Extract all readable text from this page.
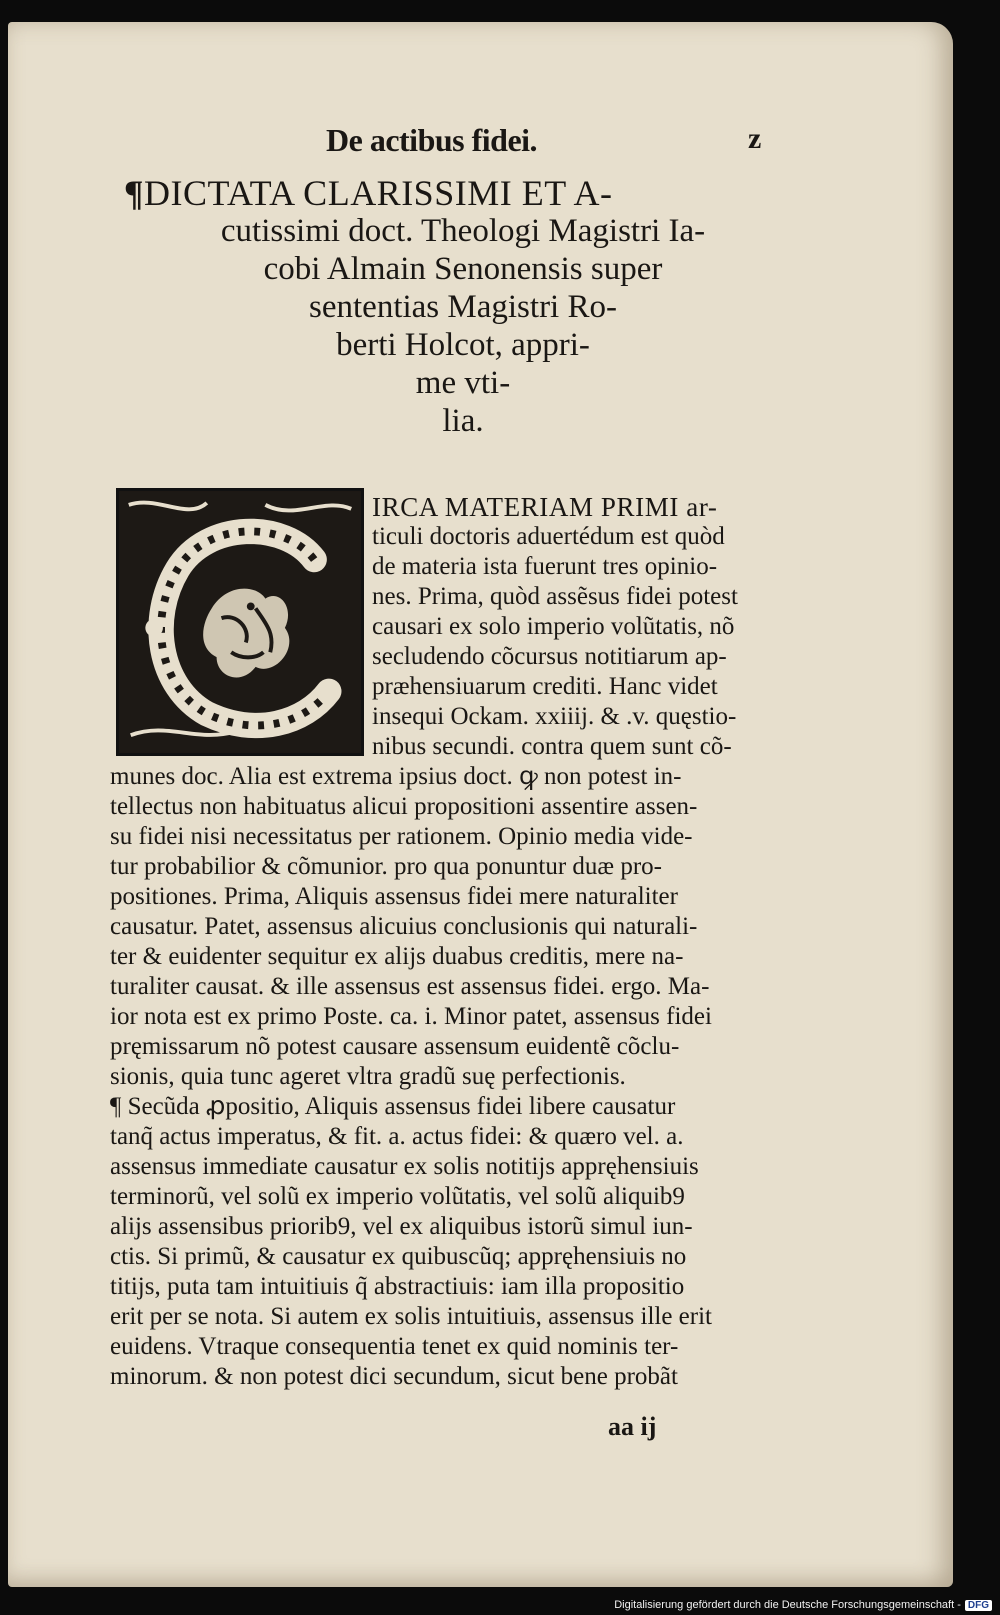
De actibus fidei.	z
¶DICTATA CLARISSIMI ET A-
cutissimi doct. Theologi Magistri Ia-
cobi Almain Senonensis super
sententias Magistri Ro-
berti Holcot, appri-
me vti-
lia.
IRCA MATERIAM PRIMI ar-
ticuli doctoris aduertédum est quòd
de materia ista fuerunt tres opinio-
nes. Prima, quòd assẽsus fidei potest
causari ex solo imperio volũtatis, nõ
secludendo cõcursus notitiarum ap-
præhensiuarum crediti. Hanc videt
insequi Ockam. xxiiij. & .v. quęstio-
nibus secundi. contra quem sunt cõ-
munes doc. Alia est extrema ipsius doct. ꝙ non potest in-
tellectus non habituatus alicui propositioni assentire assen-
su fidei nisi necessitatus per rationem. Opinio media vide-
tur probabilior & cõmunior. pro qua ponuntur duæ pro-
positiones. Prima, Aliquis assensus fidei mere naturaliter
causatur. Patet, assensus alicuius conclusionis qui naturali-
ter & euidenter sequitur ex alijs duabus creditis, mere na-
turaliter causat. & ille assensus est assensus fidei. ergo. Ma-
ior nota est ex primo Poste. ca. i. Minor patet, assensus fidei
pręmissarum nõ potest causare assensum euidentẽ cõclu-
sionis, quia tunc ageret vltra gradũ suę perfectionis.
¶ Secũda ꝓpositio, Aliquis assensus fidei libere causatur
tanq̃ actus imperatus, & fit. a. actus fidei: & quæro vel. a.
assensus immediate causatur ex solis notitijs appręhensiuis
terminorũ, vel solũ ex imperio volũtatis, vel solũ aliquib9
alijs assensibus priorib9, vel ex aliquibus istorũ simul iun-
ctis. Si primũ, & causatur ex quibuscũq; appręhensiuis no
titijs, puta tam intuitiuis q̃ abstractiuis: iam illa propositio
erit per se nota. Si autem ex solis intuitiuis, assensus ille erit
euidens. Vtraque consequentia tenet ex quid nominis ter-
minorum. & non potest dici secundum, sicut bene probãt
aa ij
Digitalisierung gefördert durch die Deutsche Forschungsgemeinschaft - DFG
